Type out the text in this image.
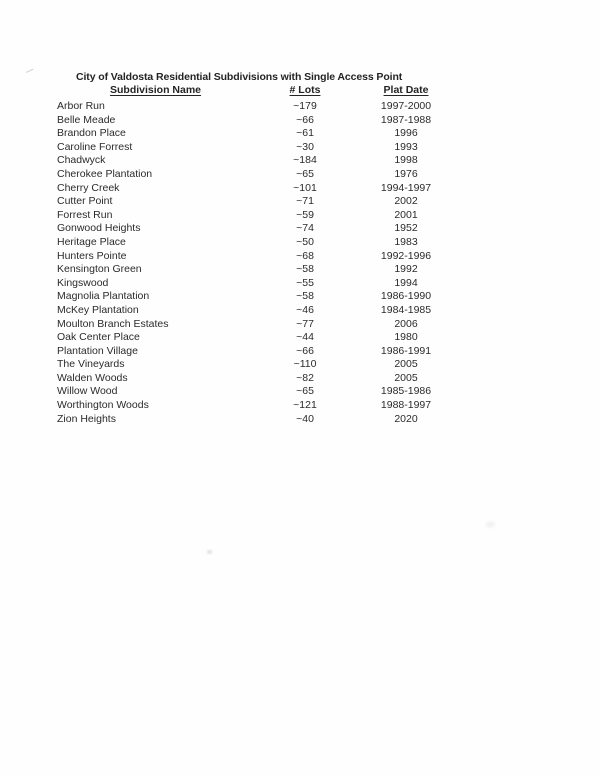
City of Valdosta Residential Subdivisions with Single Access Point
Subdivision Name	# Lots	Plat Date
Arbor Run	~179	1997-2000
Belle Meade	~66	1987-1988
Brandon Place	~61	1996
Caroline Forrest	~30	1993
Chadwyck	~184	1998
Cherokee Plantation	~65	1976
Cherry Creek	~101	1994-1997
Cutter Point	~71	2002
Forrest Run	~59	2001
Gonwood Heights	~74	1952
Heritage Place	~50	1983
Hunters Pointe	~68	1992-1996
Kensington Green	~58	1992
Kingswood	~55	1994
Magnolia Plantation	~58	1986-1990
McKey Plantation	~46	1984-1985
Moulton Branch Estates	~77	2006
Oak Center Place	~44	1980
Plantation Village	~66	1986-1991
The Vineyards	~110	2005
Walden Woods	~82	2005
Willow Wood	~65	1985-1986
Worthington Woods	~121	1988-1997
Zion Heights	~40	2020
